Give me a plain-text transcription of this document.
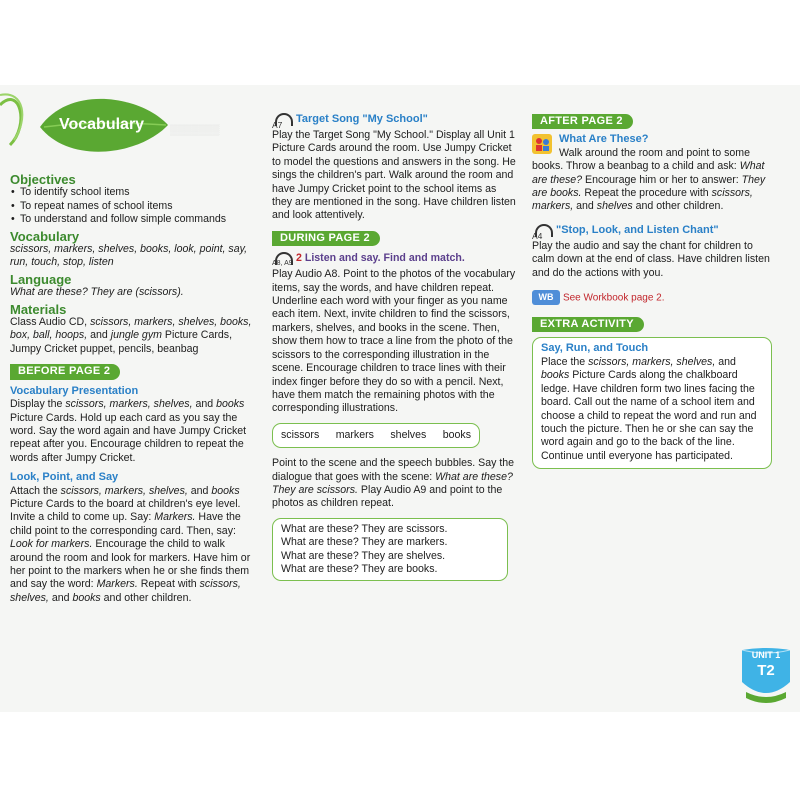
▒▒▒▒▒▒▒
Vocabulary

Objectives

• To identify school items
• To repeat names of school items
• To understand and follow simple commands

Vocabulary

scissors, markers, shelves, books, look, point, say, run, touch, stop, listen

Language

What are these? They are (scissors).

Materials

Class Audio CD, scissors, markers, shelves, books, box, ball, hoops, and jungle gym Picture Cards, Jumpy Cricket puppet, pencils, beanbag

BEFORE PAGE 2

Vocabulary Presentation

Display the scissors, markers, shelves, and books Picture Cards. Hold up each card as you say the word. Say the word again and have Jumpy Cricket repeat after you. Encourage children to repeat the words after Jumpy Cricket.

Look, Point, and Say

Attach the scissors, markers, shelves, and books Picture Cards to the board at children's eye level. Invite a child to come up. Say: Markers. Have the child point to the corresponding card. Then, say: Look for markers. Encourage the child to walk around the room and look for markers. Have him or her point to the markers when he or she finds them and say the word: Markers. Repeat with scissors, shelves, and books and other children.

A7 Target Song "My School"

Play the Target Song "My School." Display all Unit 1 Picture Cards around the room. Use Jumpy Cricket to model the questions and answers in the song. He sings the children's part. Walk around the room and have Jumpy Cricket point to the school items as they are mentioned in the song. Have children listen and look attentively.

DURING PAGE 2

A8, A9 2 Listen and say. Find and match.

Play Audio A8. Point to the photos of the vocabulary items, say the words, and have children repeat. Underline each word with your finger as you name each item. Next, invite children to find the scissors, markers, shelves, and books in the scene. Then, show them how to trace a line from the photo of the scissors to the corresponding illustration in the scene. Encourage children to trace lines with their index finger before they do so with a pencil. Next, have them match the remaining photos with the corresponding illustrations.

scissors markers shelves books

Point to the scene and the speech bubbles. Say the dialogue that goes with the scene: What are these? They are scissors. Play Audio A9 and point to the photos as children repeat.

What are these? They are scissors.

What are these? They are markers.

What are these? They are shelves.

What are these? They are books.

AFTER PAGE 2

What Are These?

Walk around the room and point to some books. Throw a beanbag to a child and ask: What are these? Encourage him or her to answer: They are books. Repeat the procedure with scissors, markers, and shelves and other children.

A4 "Stop, Look, and Listen Chant"

Play the audio and say the chant for children to calm down at the end of class. Have children listen and do the actions with you.

WB See Workbook page 2.

EXTRA ACTIVITY

Say, Run, and Touch

Place the scissors, markers, shelves, and books Picture Cards along the chalkboard ledge. Have children form two lines facing the board. Call out the name of a school item and choose a child to repeat the word and run and touch the picture. Then he or she can say the word again and go to the back of the line. Continue until everyone has participated.

UNIT 1
T2
